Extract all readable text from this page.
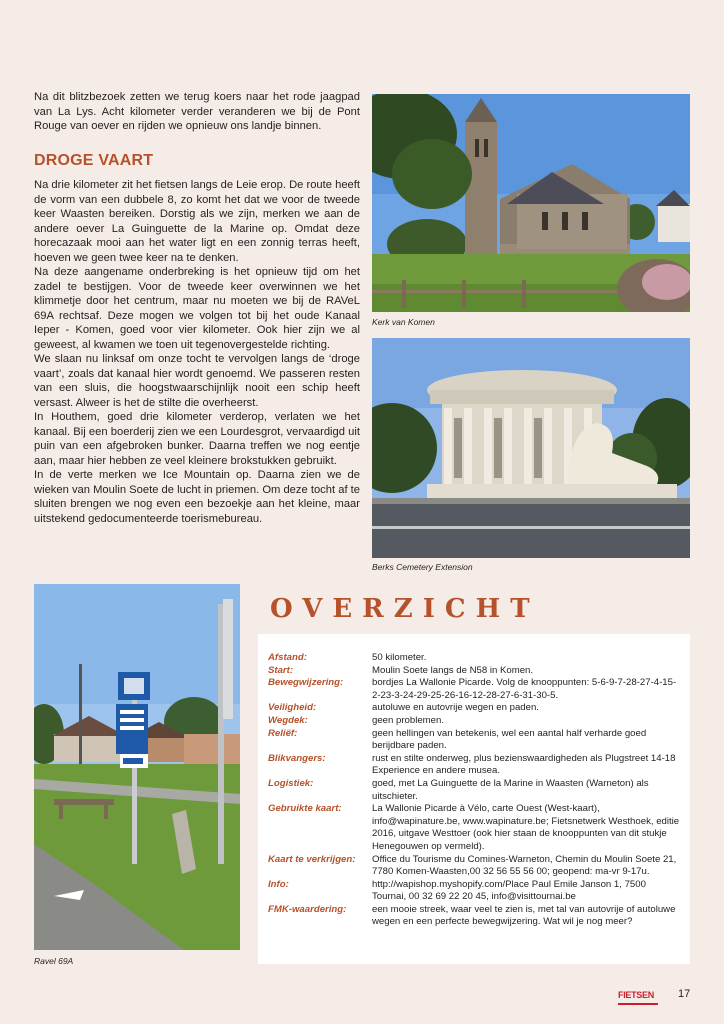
Na dit blitzbezoek zetten we terug koers naar het rode jaagpad van La Lys. Acht kilometer verder veranderen we bij de Pont Rouge van oever en rijden we opnieuw ons landje binnen.

DROGE VAART

Na drie kilometer zit het fietsen langs de Leie erop. De route heeft de vorm van een dubbele 8, zo komt het dat we voor de tweede keer Waasten bereiken. Dorstig als we zijn, merken we aan de andere oever La Guinguette de la Marine op. Omdat deze horecazaak mooi aan het water ligt en een zonnig terras heeft, hoeven we geen twee keer na te denken.

Na deze aangename onderbreking is het opnieuw tijd om het zadel te bestijgen. Voor de tweede keer overwinnen we het klimmetje door het centrum, maar nu moeten we bij de RAVeL 69A rechtsaf. Deze mogen we volgen tot bij het oude Kanaal Ieper - Komen, goed voor vier kilometer. Ook hier zijn we al geweest, al kwamen we toen uit tegenovergestelde richting.

We slaan nu linksaf om onze tocht te vervolgen langs de ‘droge vaart’, zoals dat kanaal hier wordt genoemd. We passeren resten van een sluis, die hoogstwaarschijnlijk nooit een schip heeft versast. Alweer is het de stilte die overheerst.

In Houthem, goed drie kilometer verderop, verlaten we het kanaal. Bij een boerderij zien we een Lourdesgrot, vervaardigd uit puin van een afgebroken bunker. Daarna treffen we nog eentje aan, maar hier hebben ze veel kleinere brokstukken gebruikt.

In de verte merken we Ice Mountain op. Daarna zien we de wieken van Moulin Soete de lucht in priemen. Om deze tocht af te sluiten brengen we nog even een bezoekje aan het kleine, maar uitstekend gedocumenteerde toerismebureau.

Kerk van Komen
Berks Cemetery Extension
Ravel 69A
OVERZICHT
Afstand:	50 kilometer.
Start:	Moulin Soete langs de N58 in Komen.
Bewegwijzering:	bordjes La Wallonie Picarde. Volg de knooppunten: 5-6-9-7-28-27-4-15-2-23-3-24-29-25-26-16-12-28-27-6-31-30-5.
Veiligheid:	autoluwe en autovrije wegen en paden.
Wegdek:	geen problemen.
Reliëf:	geen hellingen van betekenis, wel een aantal half verharde goed berijdbare paden.
Blikvangers:	rust en stilte onderweg, plus bezienswaardigheden als Plugstreet 14-18 Experience en andere musea.
Logistiek:	goed, met La Guinguette de la Marine in Waasten (Warneton) als uitschieter.
Gebruikte kaart:	La Wallonie Picarde à Vélo, carte Ouest (West-kaart), info@wapinature.be, www.wapinature.be; Fietsnetwerk Westhoek, editie 2016, uitgave Westtoer (ook hier staan de knooppunten van dit stukje Henegouwen op vermeld).
Kaart te verkrijgen:	Office du Tourisme du Comines-Warneton, Chemin du Moulin Soete 21, 7780 Komen-Waasten,00 32 56 55 56 00; geopend: ma-vr 9-17u.
Info:	http://wapishop.myshopify.com/Place Paul Emile Janson 1, 7500 Tournai, 00 32 69 22 20 45, info@visittournai.be
FMK-waardering:	een mooie streek, waar veel te zien is, met tal van autovrije of autoluwe wegen en een perfecte bewegwijzering. Wat wil je nog meer?
FIETSEN 17
